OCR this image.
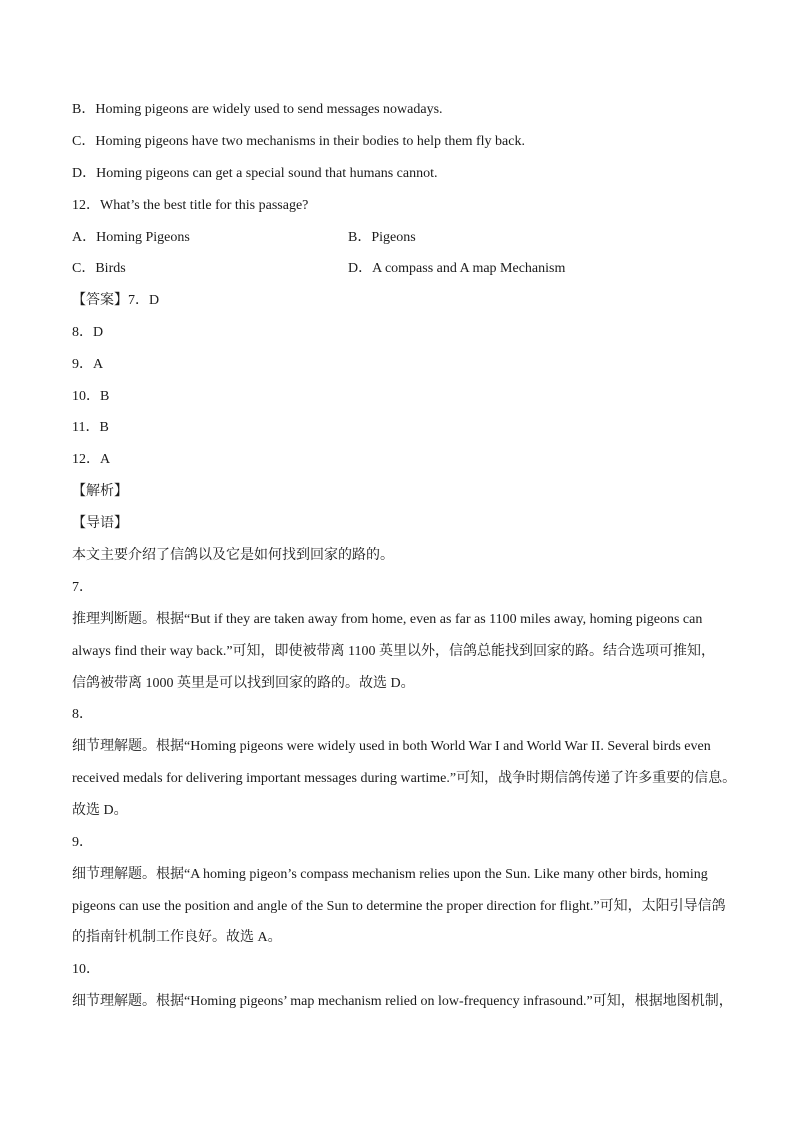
B．Homing pigeons are widely used to send messages nowadays.
C．Homing pigeons have two mechanisms in their bodies to help them fly back.
D．Homing pigeons can get a special sound that humans cannot.
12．What’s the best title for this passage?
A．Homing Pigeons	B．Pigeons
C．Birds	D．A compass and A map Mechanism
【答案】7．D
8．D
9．A
10．B
11．B
12．A
【解析】
【导语】
本文主要介绍了信鸽以及它是如何找到回家的路的。
7．
推理判断题。根据“But if they are taken away from home, even as far as 1100 miles away, homing pigeons can
always find their way back.”可知，即使被带离 1100 英里以外，信鸽总能找到回家的路。结合选项可推知，
信鸽被带离 1000 英里是可以找到回家的路的。故选 D。
8．
细节理解题。根据“Homing pigeons were widely used in both World War I and World War II. Several birds even
received medals for delivering important messages during wartime.”可知，战争时期信鸽传递了许多重要的信息。
故选 D。
9．
细节理解题。根据“A homing pigeon’s compass mechanism relies upon the Sun. Like many other birds, homing
pigeons can use the position and angle of the Sun to determine the proper direction for flight.”可知，太阳引导信鸽
的指南针机制工作良好。故选 A。
10．
细节理解题。根据“Homing pigeons’ map mechanism relied on low-frequency infrasound.”可知，根据地图机制，
